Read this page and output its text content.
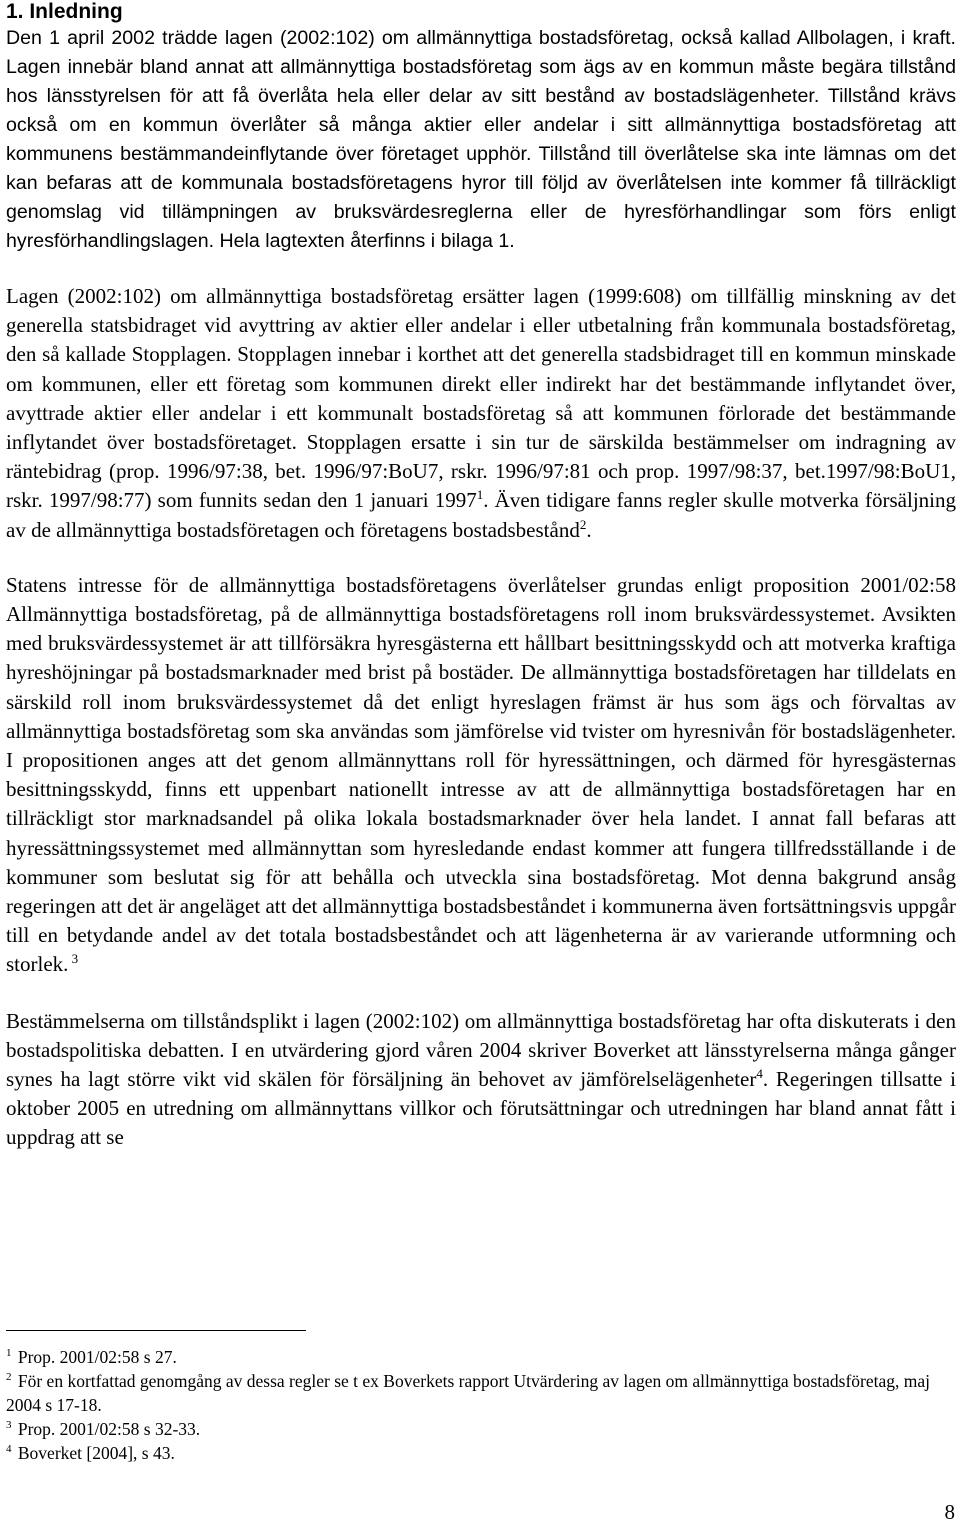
1. Inledning

Den 1 april 2002 trädde lagen (2002:102) om allmännyttiga bostadsföretag, också kallad Allbolagen, i kraft. Lagen innebär bland annat att allmännyttiga bostadsföretag som ägs av en kommun måste begära tillstånd hos länsstyrelsen för att få överlåta hela eller delar av sitt bestånd av bostadslägenheter. Tillstånd krävs också om en kommun överlåter så många aktier eller andelar i sitt allmännyttiga bostadsföretag att kommunens bestämmandeinflytande över företaget upphör. Tillstånd till överlåtelse ska inte lämnas om det kan befaras att de kommunala bostadsföretagens hyror till följd av överlåtelsen inte kommer få tillräckligt genomslag vid tillämpningen av bruksvärdesreglerna eller de hyresförhandlingar som förs enligt hyresförhandlingslagen. Hela lagtexten återfinns i bilaga 1.

Lagen (2002:102) om allmännyttiga bostadsföretag ersätter lagen (1999:608) om tillfällig minskning av det generella statsbidraget vid avyttring av aktier eller andelar i eller utbetalning från kommunala bostadsföretag, den så kallade Stopplagen. Stopplagen innebar i korthet att det generella stadsbidraget till en kommun minskade om kommunen, eller ett företag som kommunen direkt eller indirekt har det bestämmande inflytandet över, avyttrade aktier eller andelar i ett kommunalt bostadsföretag så att kommunen förlorade det bestämmande inflytandet över bostadsföretaget. Stopplagen ersatte i sin tur de särskilda bestämmelser om indragning av räntebidrag (prop. 1996/97:38, bet. 1996/97:BoU7, rskr. 1996/97:81 och prop. 1997/98:37, bet.1997/98:BoU1, rskr. 1997/98:77) som funnits sedan den 1 januari 1997$^1$. Även tidigare fanns regler skulle motverka försäljning av de allmännyttiga bostadsföretagen och företagens bostadsbestånd$^2$.

Statens intresse för de allmännyttiga bostadsföretagens överlåtelser grundas enligt proposition 2001/02:58 Allmännyttiga bostadsföretag, på de allmännyttiga bostadsföretagens roll inom bruksvärdessystemet. Avsikten med bruksvärdessystemet är att tillförsäkra hyresgästerna ett hållbart besittningsskydd och att motverka kraftiga hyreshöjningar på bostadsmarknader med brist på bostäder. De allmännyttiga bostadsföretagen har tilldelats en särskild roll inom bruksvärdessystemet då det enligt hyreslagen främst är hus som ägs och förvaltas av allmännyttiga bostadsföretag som ska användas som jämförelse vid tvister om hyresnivån för bostadslägenheter. I propositionen anges att det genom allmännyttans roll för hyressättningen, och därmed för hyresgästernas besittningsskydd, finns ett uppenbart nationellt intresse av att de allmännyttiga bostadsföretagen har en tillräckligt stor marknadsandel på olika lokala bostadsmarknader över hela landet. I annat fall befaras att hyressättningssystemet med allmännyttan som hyresledande endast kommer att fungera tillfredsställande i de kommuner som beslutat sig för att behålla och utveckla sina bostadsföretag. Mot denna bakgrund ansåg regeringen att det är angeläget att det allmännyttiga bostadsbeståndet i kommunerna även fortsättningsvis uppgår till en betydande andel av det totala bostadsbeståndet och att lägenheterna är av varierande utformning och storlek. $^3$

Bestämmelserna om tillståndsplikt i lagen (2002:102) om allmännyttiga bostadsföretag har ofta diskuterats i den bostadspolitiska debatten. I en utvärdering gjord våren 2004 skriver Boverket att länsstyrelserna många gånger synes ha lagt större vikt vid skälen för försäljning än behovet av jämförelselägenheter$^4$. Regeringen tillsatte i oktober 2005 en utredning om allmännyttans villkor och förutsättningar och utredningen har bland annat fått i uppdrag att se

$^1$ Prop. 2001/02:58 s 27.

$^2$ För en kortfattad genomgång av dessa regler se t ex Boverkets rapport Utvärdering av lagen om allmännyttiga bostadsföretag, maj 2004 s 17-18.

$^3$ Prop. 2001/02:58 s 32-33.

$^4$ Boverket [2004], s 43.

8
